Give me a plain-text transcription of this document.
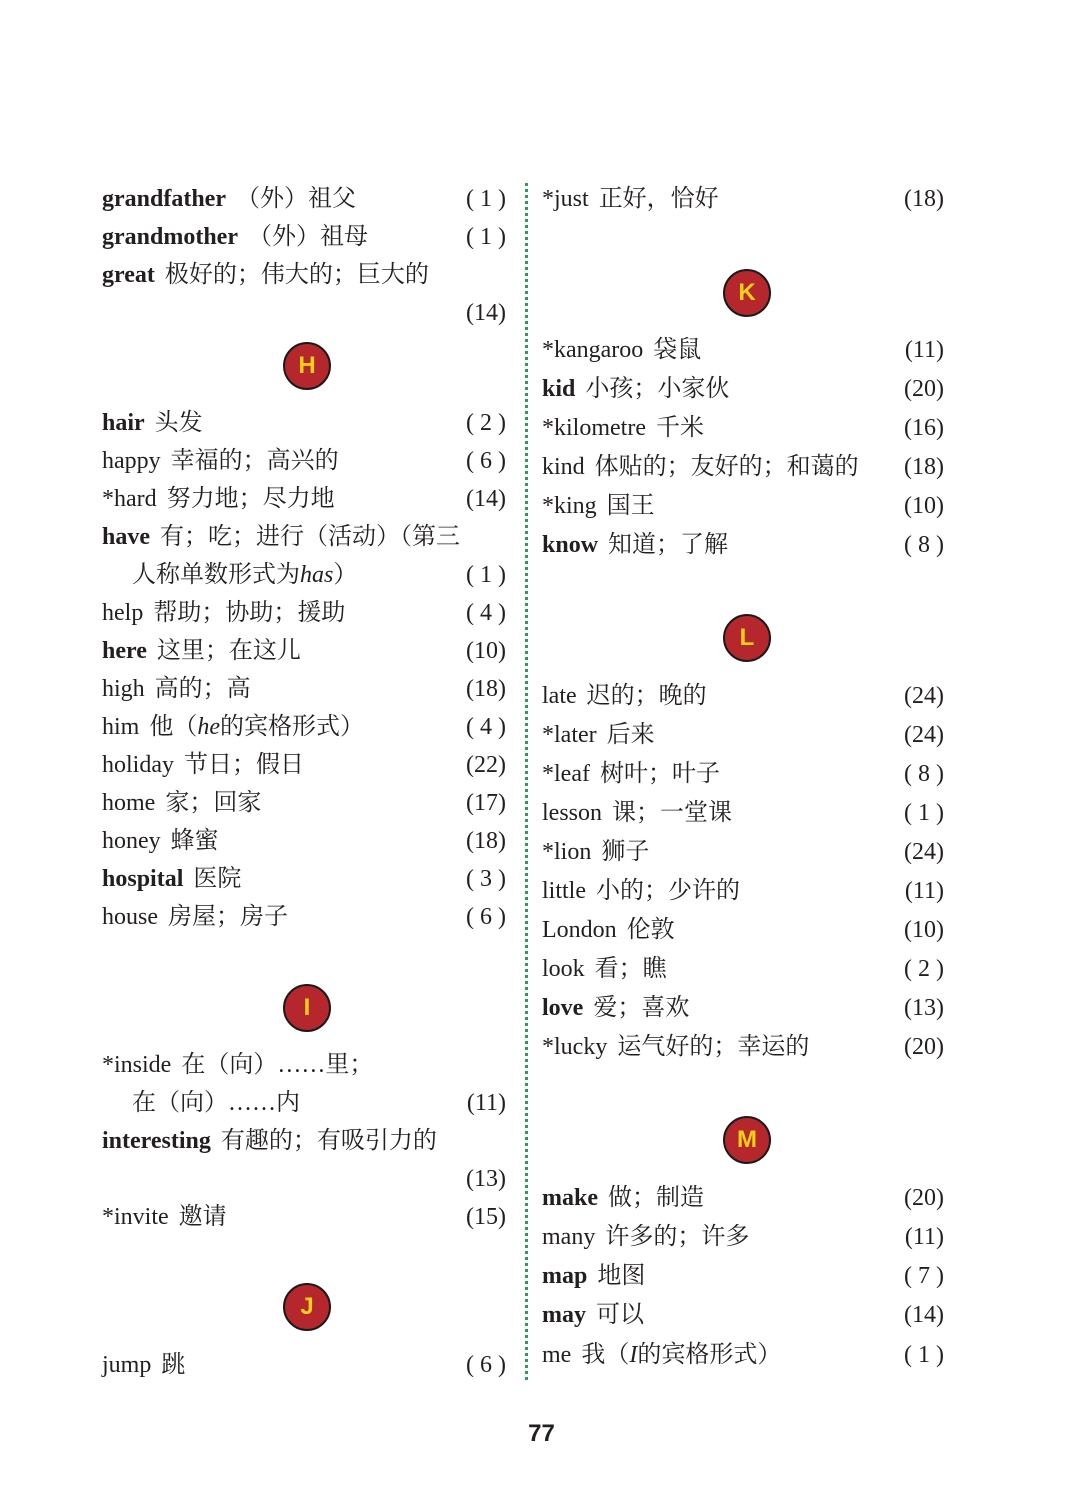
grandfather （外）祖父	( 1 )
grandmother （外）祖母	( 1 )
great 极好的；伟大的；巨大的
(14)
H
hair 头发	( 2 )
happy 幸福的；高兴的	( 6 )
*hard 努力地；尽力地	(14)
have 有；吃；进行（活动）（第三
人称单数形式为has）	( 1 )
help 帮助；协助；援助	( 4 )
here 这里；在这儿	(10)
high 高的；高	(18)
him 他（he的宾格形式）	( 4 )
holiday 节日；假日	(22)
home 家；回家	(17)
honey 蜂蜜	(18)
hospital 医院	( 3 )
house 房屋；房子	( 6 )
I
*inside 在（向）……里；
在（向）……内	(11)
interesting 有趣的；有吸引力的
(13)
*invite 邀请	(15)
J
jump 跳	( 6 )
*just 正好，恰好	(18)
K
*kangaroo 袋鼠	(11)
kid 小孩；小家伙	(20)
*kilometre 千米	(16)
kind 体贴的；友好的；和蔼的 (18)
*king 国王	(10)
know 知道；了解	( 8 )
L
late 迟的；晚的	(24)
*later 后来	(24)
*leaf 树叶；叶子	( 8 )
lesson 课；一堂课	( 1 )
*lion 狮子	(24)
little 小的；少许的	(11)
London 伦敦	(10)
look 看；瞧	( 2 )
love 爱；喜欢	(13)
*lucky 运气好的；幸运的	(20)
M
make 做；制造	(20)
many 许多的；许多	(11)
map 地图	( 7 )
may 可以	(14)
me 我（I的宾格形式）	( 1 )
77
